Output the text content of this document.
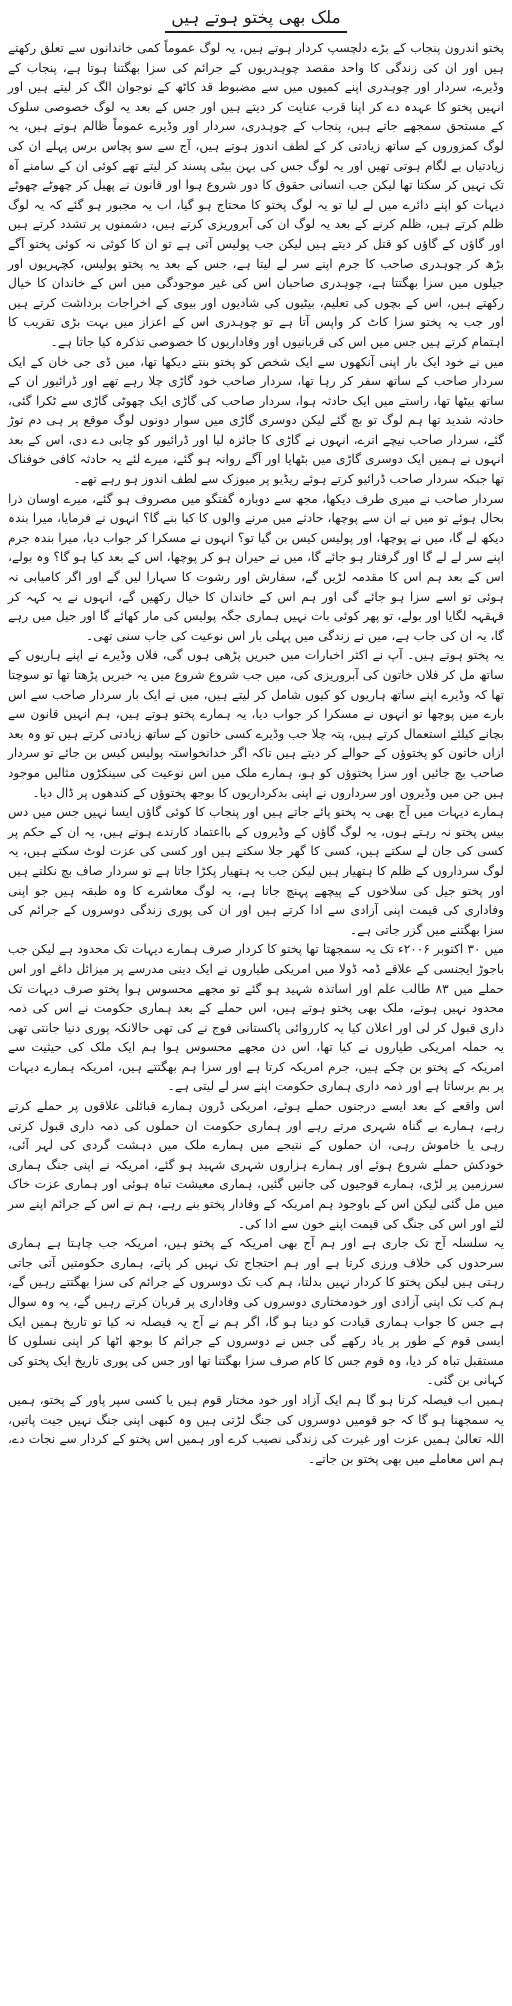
ملک بھی پختو ہوتے ہیں

پختو اندرون پنجاب کے بڑے دلچسپ کردار ہوتے ہیں، یہ لوگ عموماً کمی خاندانوں سے تعلق رکھتے ہیں اور ان کی زندگی کا واحد مقصد چوہدریوں کے جرائم کی سزا بھگتنا ہوتا ہے، پنجاب کے وڈیرے، سردار اور چوہدری اپنے کمیوں میں سے مضبوط قد کاٹھ کے نوجوان الگ کر لیتے ہیں اور انہیں پختو کا عہدہ دے کر اپنا قرب عنایت کر دیتے ہیں اور جس کے بعد یہ لوگ خصوصی سلوک کے مستحق سمجھے جاتے ہیں، پنجاب کے چوہدری، سردار اور وڈیرے عموماً ظالم ہوتے ہیں، یہ لوگ کمزوروں کے ساتھ زیادتی کر کے لطف اندوز ہوتے ہیں، آج سے سو پچاس برس پہلے ان کی زیادتیاں بے لگام ہوتی تھیں اور یہ لوگ جس کی بہن بیٹی پسند کر لیتے تھے کوئی ان کے سامنے آہ تک نہیں کر سکتا تھا لیکن جب انسانی حقوق کا دور شروع ہوا اور قانون نے پھیل کر چھوٹے چھوٹے دیہات کو اپنے دائرے میں لے لیا تو یہ لوگ پختو کا محتاج ہو گیا، اب یہ مجبور ہو گئے کہ یہ لوگ ظلم کرتے ہیں، ظلم کرنے کے بعد یہ لوگ ان کی آبروریزی کرتے ہیں، دشمنوں پر تشدد کرتے ہیں اور گاؤں کے گاؤں کو قتل کر دیتے ہیں لیکن جب پولیس آتی ہے تو ان کا کوئی نہ کوئی پختو آگے بڑھ کر چوہدری صاحب کا جرم اپنے سر لے لیتا ہے، جس کے بعد یہ پختو پولیس، کچہریوں اور جیلوں میں سزا بھگتتا ہے، چوہدری صاحبان اس کی غیر موجودگی میں اس کے خاندان کا خیال رکھتے ہیں، اس کے بچوں کی تعلیم، بیٹیوں کی شادیوں اور بیوی کے اخراجات برداشت کرتے ہیں اور جب یہ پختو سزا کاٹ کر واپس آتا ہے تو چوہدری اس کے اعزاز میں بہت بڑی تقریب کا اہتمام کرتے ہیں جس میں اس کی قربانیوں اور وفاداریوں کا خصوصی تذکرہ کیا جاتا ہے۔

میں نے خود ایک بار اپنی آنکھوں سے ایک شخص کو پختو بنتے دیکھا تھا، میں ڈی جی خان کے ایک سردار صاحب کے ساتھ سفر کر رہا تھا، سردار صاحب خود گاڑی چلا رہے تھے اور ڈرائیور ان کے ساتھ بیٹھا تھا، راستے میں ایک حادثہ ہوا، سردار صاحب کی گاڑی ایک چھوٹی گاڑی سے ٹکرا گئی، حادثہ شدید تھا ہم لوگ تو بچ گئے لیکن دوسری گاڑی میں سوار دونوں لوگ موقع پر ہی دم توڑ گئے، سردار صاحب نیچے اترے، انہوں نے گاڑی کا جائزہ لیا اور ڈرائیور کو چابی دے دی، اس کے بعد انہوں نے ہمیں ایک دوسری گاڑی میں بٹھایا اور آگے روانہ ہو گئے، میرے لئے یہ حادثہ کافی خوفناک تھا جبکہ سردار صاحب ڈرائیو کرتے ہوئے ریڈیو پر میوزک سے لطف اندوز ہو رہے تھے۔

سردار صاحب نے میری طرف دیکھا، مجھ سے دوبارہ گفتگو میں مصروف ہو گئے، میرے اوسان ذرا بحال ہوئے تو میں نے ان سے پوچھا، حادثے میں مرنے والوں کا کیا بنے گا؟ انہوں نے فرمایا، میرا بندہ دیکھ لے گا، میں نے پوچھا، اور پولیس کیس بن گیا تو؟ انہوں نے مسکرا کر جواب دیا، میرا بندہ جرم اپنے سر لے لے گا اور گرفتار ہو جائے گا، میں نے حیران ہو کر پوچھا، اس کے بعد کیا ہو گا؟ وہ بولے، اس کے بعد ہم اس کا مقدمہ لڑیں گے، سفارش اور رشوت کا سہارا لیں گے اور اگر کامیابی نہ ہوئی تو اسے سزا ہو جائے گی اور ہم اس کے خاندان کا خیال رکھیں گے، انہوں نے یہ کہہ کر قہقہہ لگایا اور بولے، تو پھر کوئی بات نہیں ہماری جگہ پولیس کی مار کھائے گا اور جیل میں رہے گا، یہ ان کی جاب ہے، میں نے زندگی میں پہلی بار اس نوعیت کی جاب سنی تھی۔

یہ پختو ہوتے ہیں۔ آپ نے اکثر اخبارات میں خبریں پڑھی ہوں گی، فلاں وڈیرے نے اپنے ہاریوں کے ساتھ مل کر فلاں خاتون کی آبروریزی کی، میں جب شروع شروع میں یہ خبریں پڑھتا تھا تو سوچتا تھا کہ وڈیرے اپنے ساتھ ہاریوں کو کیوں شامل کر لیتے ہیں، میں نے ایک بار سردار صاحب سے اس بارے میں پوچھا تو انہوں نے مسکرا کر جواب دیا، یہ ہمارے پختو ہوتے ہیں، ہم انہیں قانون سے بچانے کیلئے استعمال کرتے ہیں، پتہ چلا جب وڈیرے کسی خاتون کے ساتھ زیادتی کرتے ہیں تو وہ بعد ازاں خاتون کو پختوؤں کے حوالے کر دیتے ہیں تاکہ اگر خدانخواستہ پولیس کیس بن جائے تو سردار صاحب بچ جائیں اور سزا پختوؤں کو ہو، ہمارے ملک میں اس نوعیت کی سینکڑوں مثالیں موجود ہیں جن میں وڈیروں اور سرداروں نے اپنی بدکرداریوں کا بوجھ پختوؤں کے کندھوں پر ڈال دیا۔

ہمارے دیہات میں آج بھی یہ پختو پائے جاتے ہیں اور پنجاب کا کوئی گاؤں ایسا نہیں جس میں دس بیس پختو نہ رہتے ہوں، یہ لوگ گاؤں کے وڈیروں کے بااعتماد کارندے ہوتے ہیں، یہ ان کے حکم پر کسی کی جان لے سکتے ہیں، کسی کا گھر جلا سکتے ہیں اور کسی کی عزت لوٹ سکتے ہیں، یہ لوگ سرداروں کے ظلم کا ہتھیار ہیں لیکن جب یہ ہتھیار پکڑا جاتا ہے تو سردار صاف بچ نکلتے ہیں اور پختو جیل کی سلاخوں کے پیچھے پہنچ جاتا ہے، یہ لوگ معاشرے کا وہ طبقہ ہیں جو اپنی وفاداری کی قیمت اپنی آزادی سے ادا کرتے ہیں اور ان کی پوری زندگی دوسروں کے جرائم کی سزا بھگتنے میں گزر جاتی ہے۔

میں ۳۰ اکتوبر ۲۰۰۶ء تک یہ سمجھتا تھا پختو کا کردار صرف ہمارے دیہات تک محدود ہے لیکن جب باجوڑ ایجنسی کے علاقے ڈمہ ڈولا میں امریکی طیاروں نے ایک دینی مدرسے پر میزائل داغے اور اس حملے میں ۸۳ طالب علم اور اساتذہ شہید ہو گئے تو مجھے محسوس ہوا پختو صرف دیہات تک محدود نہیں ہوتے، ملک بھی پختو ہوتے ہیں، اس حملے کے بعد ہماری حکومت نے اس کی ذمہ داری قبول کر لی اور اعلان کیا یہ کارروائی پاکستانی فوج نے کی تھی حالانکہ پوری دنیا جانتی تھی یہ حملہ امریکی طیاروں نے کیا تھا، اس دن مجھے محسوس ہوا ہم ایک ملک کی حیثیت سے امریکہ کے پختو بن چکے ہیں، جرم امریکہ کرتا ہے اور سزا ہم بھگتتے ہیں، امریکہ ہمارے دیہات پر بم برساتا ہے اور ذمہ داری ہماری حکومت اپنے سر لے لیتی ہے۔

اس واقعے کے بعد ایسے درجنوں حملے ہوئے، امریکی ڈرون ہمارے قبائلی علاقوں پر حملے کرتے رہے، ہمارے بے گناہ شہری مرتے رہے اور ہماری حکومت ان حملوں کی ذمہ داری قبول کرتی رہی یا خاموش رہی، ان حملوں کے نتیجے میں ہمارے ملک میں دہشت گردی کی لہر آئی، خودکش حملے شروع ہوئے اور ہمارے ہزاروں شہری شہید ہو گئے، امریکہ نے اپنی جنگ ہماری سرزمین پر لڑی، ہمارے فوجیوں کی جانیں گئیں، ہماری معیشت تباہ ہوئی اور ہماری عزت خاک میں مل گئی لیکن اس کے باوجود ہم امریکہ کے وفادار پختو بنے رہے، ہم نے اس کے جرائم اپنے سر لئے اور اس کی جنگ کی قیمت اپنے خون سے ادا کی۔

یہ سلسلہ آج تک جاری ہے اور ہم آج بھی امریکہ کے پختو ہیں، امریکہ جب چاہتا ہے ہماری سرحدوں کی خلاف ورزی کرتا ہے اور ہم احتجاج تک نہیں کر پاتے، ہماری حکومتیں آتی جاتی رہتی ہیں لیکن پختو کا کردار نہیں بدلتا، ہم کب تک دوسروں کے جرائم کی سزا بھگتتے رہیں گے، ہم کب تک اپنی آزادی اور خودمختاری دوسروں کی وفاداری پر قربان کرتے رہیں گے، یہ وہ سوال ہے جس کا جواب ہماری قیادت کو دینا ہو گا، اگر ہم نے آج یہ فیصلہ نہ کیا تو تاریخ ہمیں ایک ایسی قوم کے طور پر یاد رکھے گی جس نے دوسروں کے جرائم کا بوجھ اٹھا کر اپنی نسلوں کا مستقبل تباہ کر دیا، وہ قوم جس کا کام صرف سزا بھگتنا تھا اور جس کی پوری تاریخ ایک پختو کی کہانی بن گئی۔

ہمیں اب فیصلہ کرنا ہو گا ہم ایک آزاد اور خود مختار قوم ہیں یا کسی سپر پاور کے پختو، ہمیں یہ سمجھنا ہو گا کہ جو قومیں دوسروں کی جنگ لڑتی ہیں وہ کبھی اپنی جنگ نہیں جیت پاتیں، اللہ تعالیٰ ہمیں عزت اور غیرت کی زندگی نصیب کرے اور ہمیں اس پختو کے کردار سے نجات دے، ہم اس معاملے میں بھی پختو بن جاتے۔
